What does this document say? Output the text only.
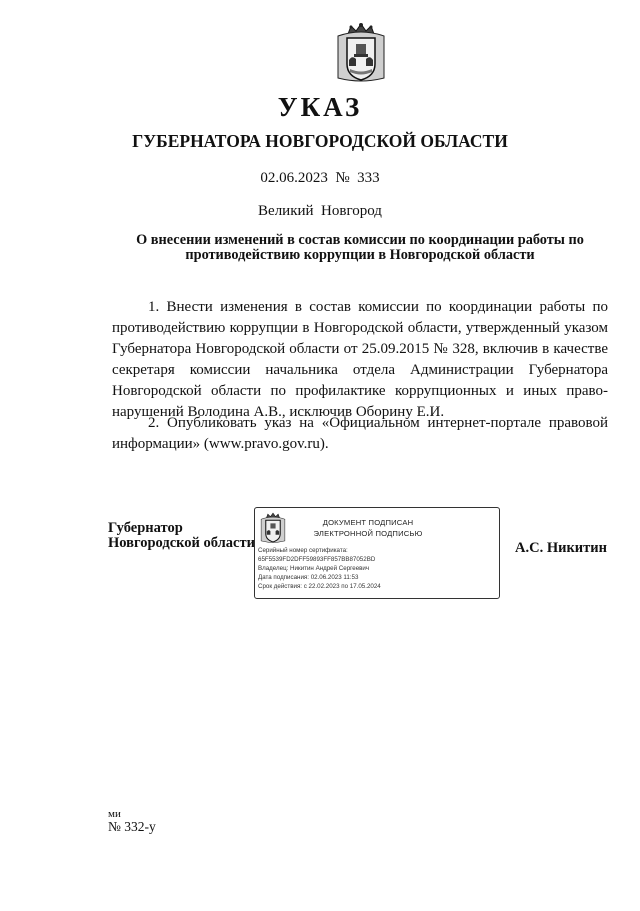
УКАЗ
ГУБЕРНАТОРА НОВГОРОДСКОЙ ОБЛАСТИ
02.06.2023 № 333
Великий  Новгород
О внесении изменений в состав комиссии по координации работы по
противодействию коррупции в Новгородской области
1. Внести изменения в состав комиссии по координации работы по противодействию коррупции в Новгородской области, утвержденный указом Губернатора Новгородской области от 25.09.2015 № 328, включив в качестве секретаря комиссии начальника отдела Администрации Губернатора Новгородской области по профилактике коррупционных и иных право-нарушений Володина А.В., исключив Оборину Е.И.
2. Опубликовать указ на «Официальном интернет-портале правовой информации» (www.pravo.gov.ru).
Губернатор
Новгородской области
ДОКУМЕНТ ПОДПИСАН
ЭЛЕКТРОННОЙ ПОДПИСЬЮ
Серийный номер сертификата:
65F5539FD2DFF59893FF857BB87052BD
Владелец: Никитин Андрей Сергеевич
Дата подписания: 02.06.2023 11:53
Срок действия: с 22.02.2023 по 17.05.2024
А.С. Никитин
ми
№ 332-у
